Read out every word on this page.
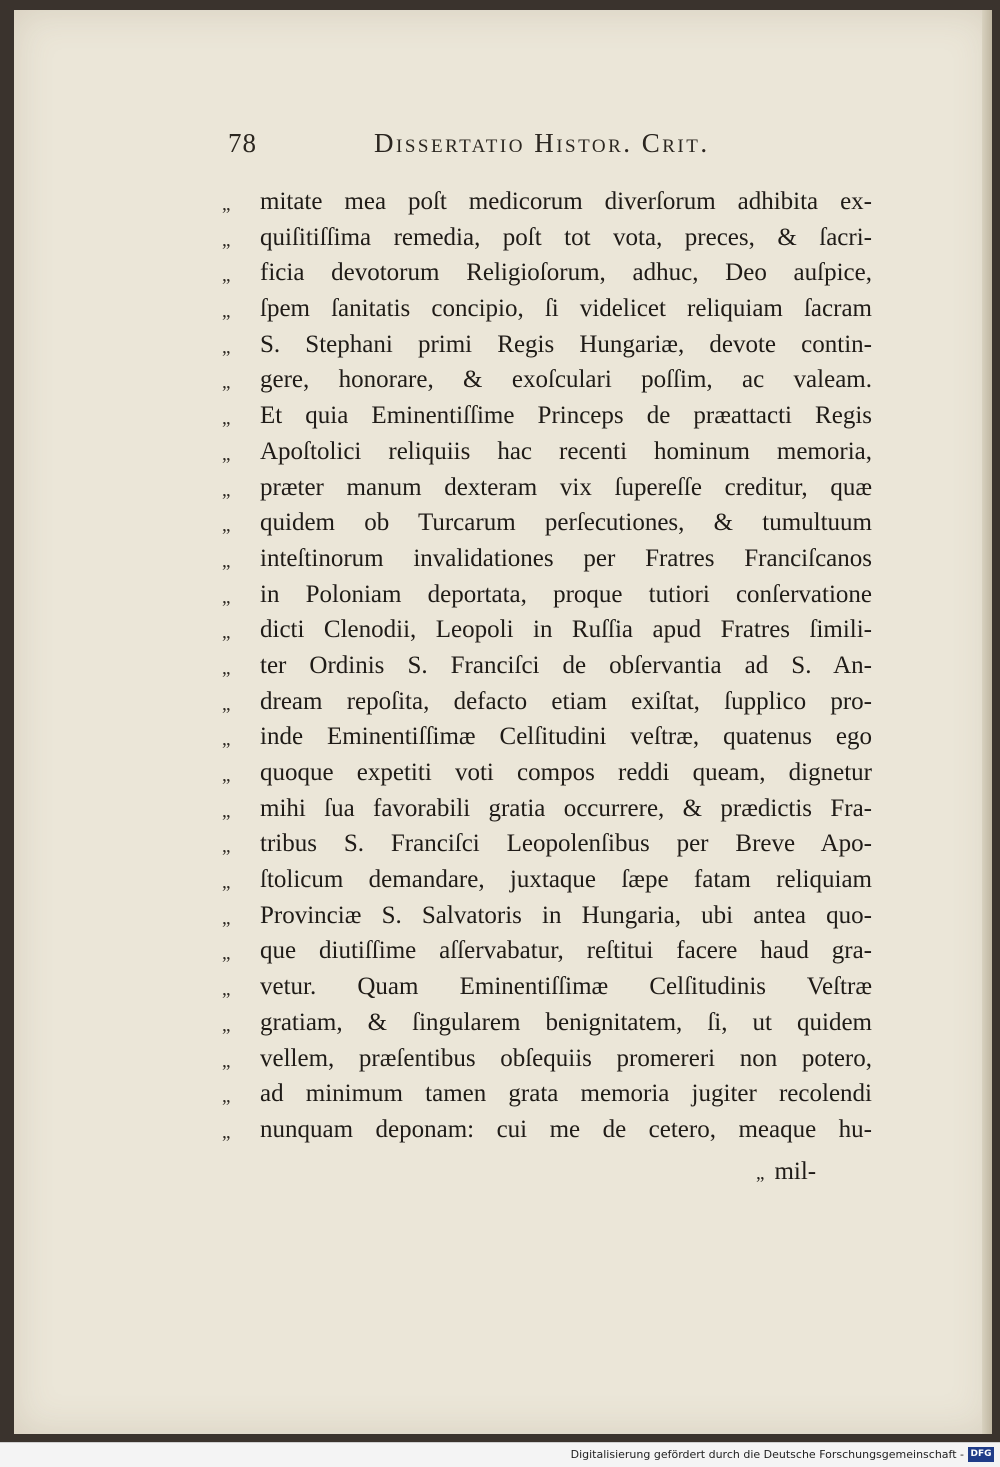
78	Dissertatio Histor. Crit.
„ mitate mea poſt medicorum diverſorum adhibita ex-
„ quiſitiſſima remedia, poſt tot vota, preces, & ſacri-
„ ficia devotorum Religioſorum, adhuc, Deo auſpice,
„ ſpem ſanitatis concipio, ſi videlicet reliquiam ſacram
„ S. Stephani primi Regis Hungariæ, devote contin-
„ gere, honorare, & exoſculari poſſim, ac valeam.
„ Et quia Eminentiſſime Princeps de præattacti Regis
„ Apoſtolici reliquiis hac recenti hominum memoria,
„ præter manum dexteram vix ſupereſſe creditur, quæ
„ quidem ob Turcarum perſecutiones, & tumultuum
„ inteſtinorum invalidationes per Fratres Franciſcanos
„ in Poloniam deportata, proque tutiori conſervatione
„ dicti Clenodii, Leopoli in Ruſſia apud Fratres ſimili-
„ ter Ordinis S. Franciſci de obſervantia ad S. An-
„ dream repoſita, defacto etiam exiſtat, ſupplico pro-
„ inde Eminentiſſimæ Celſitudini veſtræ, quatenus ego
„ quoque expetiti voti compos reddi queam, dignetur
„ mihi ſua favorabili gratia occurrere, & prædictis Fra-
„ tribus S. Franciſci Leopolenſibus per Breve Apo-
„ ſtolicum demandare, juxtaque ſæpe fatam reliquiam
„ Provinciæ S. Salvatoris in Hungaria, ubi antea quo-
„ que diutiſſime aſſervabatur, reſtitui facere haud gra-
„ vetur. Quam Eminentiſſimæ Celſitudinis Veſtræ
„ gratiam, & ſingularem benignitatem, ſi, ut quidem
„ vellem, præſentibus obſequiis promereri non potero,
„ ad minimum tamen grata memoria jugiter recolendi
„ nunquam deponam: cui me de cetero, meaque hu-
„ mil-
Digitalisierung gefördert durch die Deutsche Forschungsgemeinschaft - DFG
